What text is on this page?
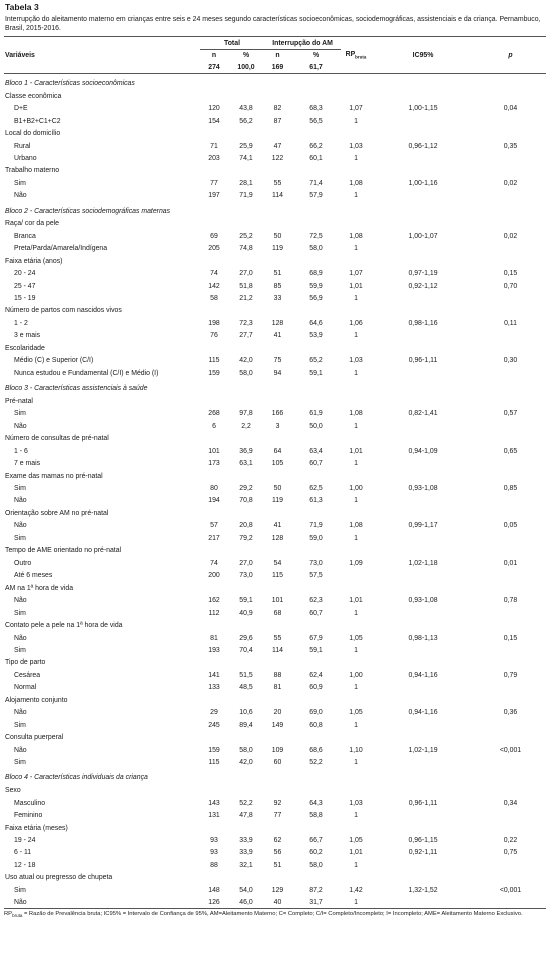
Tabela 3
Interrupção do aleitamento materno em crianças entre seis e 24 meses segundo características socioeconômicas, sociodemográficas, assistenciais e da criança. Pernambuco, Brasil, 2015-2016.
	Total		Interrupção do AM				
Variáveis	n	%	n	%	$RP_{bruta}$	IC95%	p
	274	100,0	169	61,7			
Bloco 1 - Características socioeconômicas							
Classe econômica							
D+E	120	43,8	82	68,3	1,07	1,00-1,15	0,04
B1+B2+C1+C2	154	56,2	87	56,5	1		
Local do domicílio							
Rural	71	25,9	47	66,2	1,03	0,96-1,12	0,35
Urbano	203	74,1	122	60,1	1		
Trabalho materno							
Sim	77	28,1	55	71,4	1,08	1,00-1,16	0,02
Não	197	71,9	114	57,9	1		
Bloco 2 - Características sociodemográficas maternas							
Raça/ cor da pele							
Branca	69	25,2	50	72,5	1,08	1,00-1,07	0,02
Preta/Parda/Amarela/Indígena	205	74,8	119	58,0	1		
Faixa etária (anos)							
20 - 24	74	27,0	51	68,9	1,07	0,97-1,19	0,15
25 - 47	142	51,8	85	59,9	1,01	0,92-1,12	0,70
15 - 19	58	21,2	33	56,9	1		
Número de partos com nascidos vivos							
1 - 2	198	72,3	128	64,6	1,06	0,98-1,16	0,11
3 e mais	76	27,7	41	53,9	1		
Escolaridade							
Médio (C) e Superior (C/I)	115	42,0	75	65,2	1,03	0,96-1,11	0,30
Nunca estudou e Fundamental (C/I) e Médio (I)	159	58,0	94	59,1	1		
Bloco 3 - Características assistenciais à saúde							
Pré-natal							
Sim	268	97,8	166	61,9	1,08	0,82-1,41	0,57
Não	6	2,2	3	50,0	1		
Número de consultas de pré-natal							
1 - 6	101	36,9	64	63,4	1,01	0,94-1,09	0,65
7 e mais	173	63,1	105	60,7	1		
Exame das mamas no pré-natal							
Sim	80	29,2	50	62,5	1,00	0,93-1,08	0,85
Não	194	70,8	119	61,3	1		
Orientação sobre AM no pré-natal							
Não	57	20,8	41	71,9	1,08	0,99-1,17	0,05
Sim	217	79,2	128	59,0	1		
Tempo de AME orientado no pré-natal							
Outro	74	27,0	54	73,0	1,09	1,02-1,18	0,01
Até 6 meses	200	73,0	115	57,5			
AM na 1ª hora de vida							
Não	162	59,1	101	62,3	1,01	0,93-1,08	0,78
Sim	112	40,9	68	60,7	1		
Contato pele a pele na 1ª hora de vida							
Não	81	29,6	55	67,9	1,05	0,98-1,13	0,15
Sim	193	70,4	114	59,1	1		
Tipo de parto							
Cesárea	141	51,5	88	62,4	1,00	0,94-1,16	0,79
Normal	133	48,5	81	60,9	1		
Alojamento conjunto							
Não	29	10,6	20	69,0	1,05	0,94-1,16	0,36
Sim	245	89,4	149	60,8	1		
Consulta puerperal							
Não	159	58,0	109	68,6	1,10	1,02-1,19	<0,001
Sim	115	42,0	60	52,2	1		
Bloco 4 - Características individuais da criança							
Sexo							
Masculino	143	52,2	92	64,3	1,03	0,96-1,11	0,34
Feminino	131	47,8	77	58,8	1		
Faixa etária (meses)							
19 - 24	93	33,9	62	66,7	1,05	0,96-1,15	0,22
6 - 11	93	33,9	56	60,2	1,01	0,92-1,11	0,75
12 - 18	88	32,1	51	58,0	1		
Uso atual ou pregresso de chupeta							
Sim	148	54,0	129	87,2	1,42	1,32-1,52	<0,001
Não	126	46,0	40	31,7	1		
$RP_{bruta}$ = Razão de Prevalência bruta; IC95% = Intervalo de Confiança de 95%, AM=Aleitamento Materno; C= Completo; C/I= Completo/Incompleto; I= Incompleto; AME= Aleitamento Materno Exclusivo.
